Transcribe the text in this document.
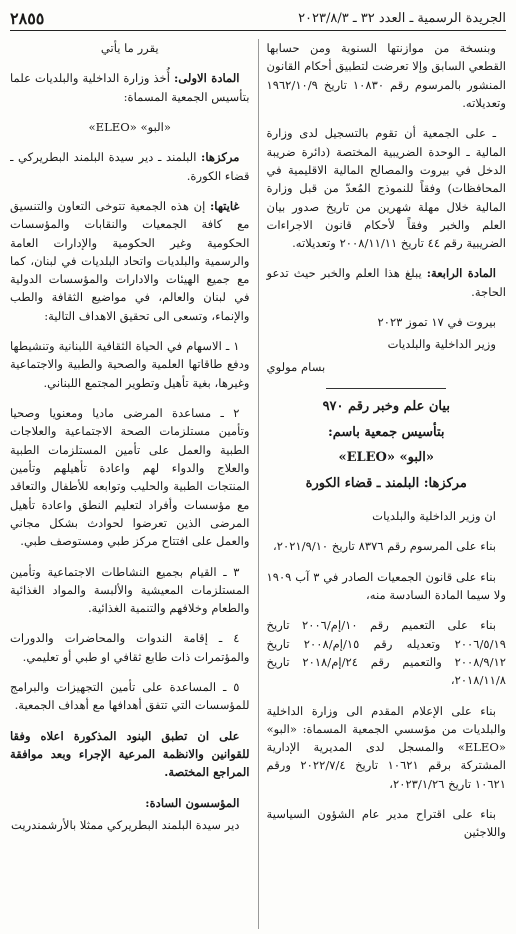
الجريدة الرسمية ـ العدد ٣٢ ـ ٢٠٢٣/٨/٣
٢٨٥٥

وبنسخة من موازنتها السنوية ومن حسابها القطعي السابق وإلا تعرضت لتطبيق أحكام القانون المنشور بالمرسوم رقم ١٠٨٣٠ تاريخ ١٩٦٢/١٠/٩ وتعديلاته.

ـ على الجمعية أن تقوم بالتسجيل لدى وزارة المالية ـ الوحدة الضريبية المختصة (دائرة ضريبة الدخل في بيروت والمصالح المالية الاقليمية في المحافظات) وفقاً للنموذج المُعدّ من قبل وزارة المالية خلال مهلة شهرين من تاريخ صدور بيان العلم والخبر وفقاً لأحكام قانون الاجراءات الضريبية رقم ٤٤ تاريخ ٢٠٠٨/١١/١١ وتعديلاته.

المادة الرابعة: يبلغ هذا العلم والخبر حيث تدعو الحاجة.

بيروت في ١٧ تموز ٢٠٢٣

وزير الداخلية والبلديات

بسام مولوي

بيان علم وخبر رقم ٩٧٠
بتأسيس جمعية باسم:
«البو» «ELEO»
مركزها: البلمند ـ قضاء الكورة

ان وزير الداخلية والبلديات

بناء على المرسوم رقم ٨٣٧٦ تاريخ ٢٠٢١/٩/١٠،

بناء على قانون الجمعيات الصادر في ٣ آب ١٩٠٩ ولا سيما المادة السادسة منه،

بناء على التعميم رقم ١٠/إم/٢٠٠٦ تاريخ ٢٠٠٦/٥/١٩ وتعديله رقم ١٥/إم/٢٠٠٨ تاريخ ٢٠٠٨/٩/١٢ والتعميم رقم ٢٤/إم/٢٠١٨ تاريخ ٢٠١٨/١١/٨،

بناء على الإعلام المقدم الى وزارة الداخلية والبلديات من مؤسسي الجمعية المسماة: «البو» «ELEO» والمسجل لدى المديرية الإدارية المشتركة برقم ١٠٦٢١ تاريخ ٢٠٢٢/٧/٤ ورقم ١٠٦٢١ تاريخ ٢٠٢٣/١/٢٦،

بناء على اقتراح مدير عام الشؤون السياسية واللاجئين

يقرر ما يأتي

المادة الاولى: أُخذ وزارة الداخلية والبلديات علما بتأسيس الجمعية المسماة:

«البو» «ELEO»

مركزها: البلمند ـ دير سيدة البلمند البطريركي ـ قضاء الكورة.

غايتها: إن هذه الجمعية تتوخى التعاون والتنسيق مع كافة الجمعيات والنقابات والمؤسسات الحكومية وغير الحكومية والإدارات العامة والرسمية والبلديات واتحاد البلديات في لبنان، كما مع جميع الهيئات والادارات والمؤسسات الدولية في لبنان والعالم، في مواضيع الثقافة والطب والإنماء، وتسعى الى تحقيق الاهداف التالية:

١ ـ الاسهام في الحياة الثقافية اللبنانية وتنشيطها ودفع طاقاتها العلمية والصحية والطبية والاجتماعية وغيرها، بغية تأهيل وتطوير المجتمع اللبناني.

٢ ـ مساعدة المرضى ماديا ومعنويا وصحيا وتأمين مستلزمات الصحة الاجتماعية والعلاجات الطبية والعمل على تأمين المستلزمات الطبية والعلاج والدواء لهم واعادة تأهيلهم وتأمين المنتجات الطبية والحليب وتوابعه للأطفال والتعاقد مع مؤسسات وأفراد لتعليم النطق واعادة تأهيل المرضى الذين تعرضوا لحوادث بشكل مجاني والعمل على افتتاح مركز طبي ومستوصف طبي.

٣ ـ القيام بجميع النشاطات الاجتماعية وتأمين المستلزمات المعيشية والألبسة والمواد الغذائية والطعام وخلافهم والتنمية الغذائية.

٤ ـ إقامة الندوات والمحاضرات والدورات والمؤتمرات ذات طابع ثقافي او طبي أو تعليمي.

٥ ـ المساعدة على تأمين التجهيزات والبرامج للمؤسسات التي تتفق أهدافها مع أهداف الجمعية.

على ان تطبق البنود المذكورة اعلاه وفقا للقوانين والانظمة المرعية الإجراء وبعد موافقة المراجع المختصة.

المؤسسون السادة:

دير سيدة البلمند البطريركي ممثلا بالأرشمندريت
